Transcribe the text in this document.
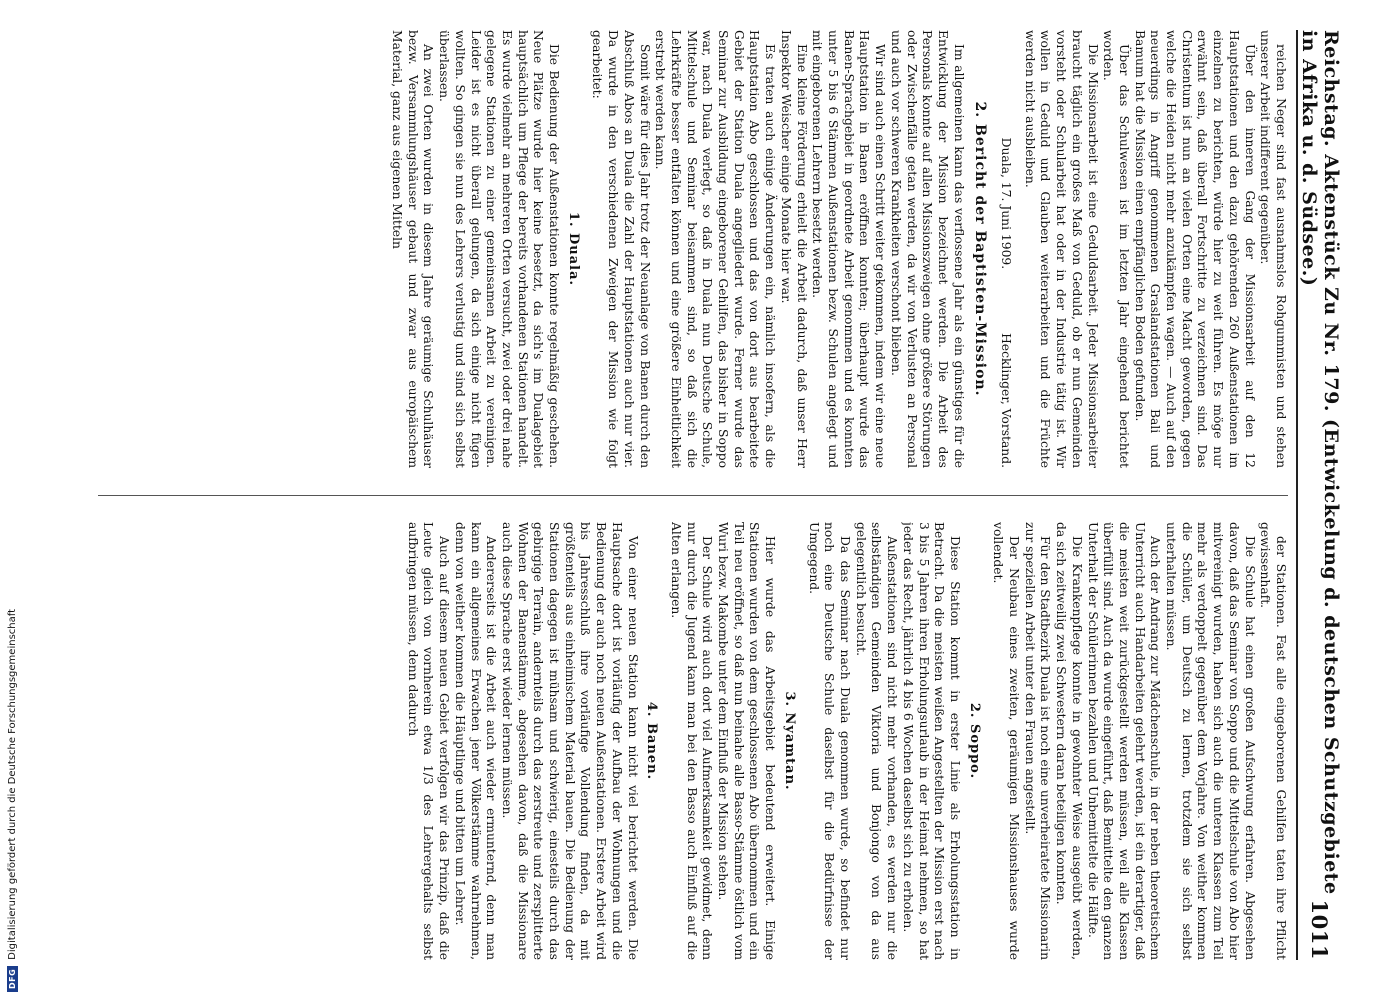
DFG
Digitalisierung gefördert durch die Deutsche Forschungsgemeinschaft	Reichstag. Aktenstück Zu Nr. 179. (Entwickelung d. deutschen Schutzgebiete in Afrika u. d. Südsee.)
1011

reichen Neger sind fast ausnahmslos Rohgummisten und stehen unserer Arbeit indifferent gegenüber.

Über den inneren Gang der Missionsarbeit auf den 12 Hauptstationen und den dazu gehörenden 260 Außenstationen im einzelnen zu berichten, würde hier zu weit führen. Es möge nur erwähnt sein, daß überall Fortschritte zu verzeichnen sind. Das Christentum ist nun an vielen Orten eine Macht geworden, gegen welche die Heiden nicht mehr anzukämpfen wagen. — Auch auf den neuerdings in Angriff genommenen Graslandstationen Bali und Bamum hat die Mission einen empfänglichen Boden gefunden.

Über das Schulwesen ist im letzten Jahr eingehend berichtet worden.

Die Missionsarbeit ist eine Geduldsarbeit. Jeder Missionsarbeiter braucht täglich ein großes Maß von Geduld, ob er nun Gemeinden vorsteht oder Schularbeit hat oder in der Industrie tätig ist. Wir wollen in Geduld und Glauben weiterarbeiten und die Früchte werden nicht ausbleiben.

Duala, 17. Juni 1909. Hecklinger, Vorstand.

2. Bericht der Baptisten-Mission.

Im allgemeinen kann das verflossene Jahr als ein günstiges für die Entwicklung der Mission bezeichnet werden. Die Arbeit des Personals konnte auf allen Missionszweigen ohne größere Störungen oder Zwischenfälle getan werden, da wir von Verlusten an Personal und auch vor schweren Krankheiten verschont blieben.

Wir sind auch einen Schritt weiter gekommen, indem wir eine neue Hauptstation in Banen eröffnen konnten; überhaupt wurde das Banen-Sprachgebiet in geordnete Arbeit genommen und es konnten unter 5 bis 6 Stämmen Außenstationen bezw. Schulen angelegt und mit eingeborenen Lehrern besetzt werden.

Eine kleine Förderung erhielt die Arbeit dadurch, daß unser Herr Inspektor Weischer einige Monate hier war.

Es traten auch einige Änderungen ein, nämlich insofern, als die Hauptstation Abo geschlossen und das von dort aus bearbeitete Gebiet der Station Duala angegliedert wurde. Ferner wurde das Seminar zur Ausbildung eingeborener Gehilfen, das bisher in Soppo war, nach Duala verlegt, so daß in Duala nun Deutsche Schule, Mittelschule und Seminar beisammen sind, so daß sich die Lehrkräfte besser entfalten können und eine größere Einheitlichkeit erstrebt werden kann.

Somit wäre für dies Jahr trotz der Neuanlage von Banen durch den Abschluß Abos an Duala die Zahl der Hauptstationen auch nur vier. Da wurde in den verschiedenen Zweigen der Mission wie folgt gearbeitet:

1. Duala.

Die Bedienung der Außenstationen konnte regelmäßig geschehen. Neue Plätze wurde hier keine besetzt, da sich's im Dualagebiet hauptsächlich um Pflege der bereits vorhandenen Stationen handelt. Es wurde vielmehr an mehreren Orten versucht, zwei oder drei nahe gelegene Stationen zu einer gemeinsamen Arbeit zu vereinigen. Leider ist es nicht überall gelungen, da sich einige nicht fügen wollten. So gingen sie nun des Lehrers verlustig und sind sich selbst überlassen.

An zwei Orten wurden in diesem Jahre geräumige Schulhäuser bezw. Versammlungshäuser gebaut und zwar aus europäischem Material, ganz aus eigenen Mitteln

der Stationen. Fast alle eingeborenen Gehilfen taten ihre Pflicht gewissenhaft.

Die Schule hat einen großen Aufschwung erfahren. Abgesehen davon, daß das Seminar von Soppo und die Mittelschule von Abo hier mitvereinigt wurden, haben sich auch die unteren Klassen zum Teil mehr als verdoppelt gegenüber dem Vorjahre. Von weither kommen die Schüler, um Deutsch zu lernen, trotzdem sie sich selbst unterhalten müssen.

Auch der Andrang zur Mädchenschule, in der neben theoretischem Unterricht auch Handarbeiten gelehrt werden, ist ein derartiger, daß die meisten weit zurückgestellt werden müssen, weil alle Klassen überfüllt sind. Auch da wurde eingeführt, daß Bemittelte den ganzen Unterhalt der Schülerinnen bezahlen und Unbemittelte die Hälfte.

Die Krankenpflege konnte in gewohnter Weise ausgeübt werden, da sich zeitweilig zwei Schwestern daran beteiligen konnten.

Für den Stadtbezirk Duala ist noch eine unverheiratete Missionarin zur speziellen Arbeit unter den Frauen angestellt.

Der Neubau eines zweiten, geräumigen Missionshauses wurde vollendet.

2. Soppo.

Diese Station kommt in erster Linie als Erholungsstation in Betracht. Da die meisten weißen Angestellten der Mission erst nach 3 bis 5 Jahren ihren Erholungsurlaub in der Heimat nehmen, so hat jeder das Recht, jährlich 4 bis 6 Wochen daselbst sich zu erholen.

Außenstationen sind nicht mehr vorhanden, es werden nur die selbständigen Gemeinden Viktoria und Bonjongo von da aus gelegentlich besucht.

Da das Seminar nach Duala genommen wurde, so befindet nur noch eine Deutsche Schule daselbst für die Bedürfnisse der Umgegend.

3. Nyamtan.

Hier wurde das Arbeitsgebiet bedeutend erweitert. Einige Stationen wurden von dem geschlossenen Abo übernommen und ein Teil neu eröffnet, so daß nun beinahe alle Basso-Stämme östlich vom Wuri bezw. Makombe unter dem Einfluß der Mission stehen.

Der Schule wird auch dort viel Aufmerksamkeit gewidmet, denn nur durch die Jugend kann man bei den Basso auch Einfluß auf die Alten erlangen.

4. Banen.

Von einer neuen Station kann nicht viel berichtet werden. Die Hauptsache dort ist vorläufig der Aufbau der Wohnungen und die Bedienung der auch noch neuen Außenstationen. Erstere Arbeit wird bis Jahresschluß ihre vorläufige Vollendung finden, da mit größtenteils aus einheimischem Material bauen. Die Bedienung der Stationen dagegen ist mühsam und schwierig, einesteils durch das gebirgige Terrain, andernteils durch das zerstreute und zersplitterte Wohnen der Banenstämme, abgesehen davon, daß die Missionare auch diese Sprache erst wieder lernen müssen.

Andererseits ist die Arbeit auch wieder ermunternd, denn man kann ein allgemeines Erwachen jener Völkerstämme wahrnehmen, denn von weither kommen die Häuptlinge und bitten um Lehrer.

Auch auf diesem neuen Gebiet verfolgen wir das Prinzip, daß die Leute gleich von vornherein etwa 1/3 des Lehrergehalts selbst aufbringen müssen, denn dadurch
